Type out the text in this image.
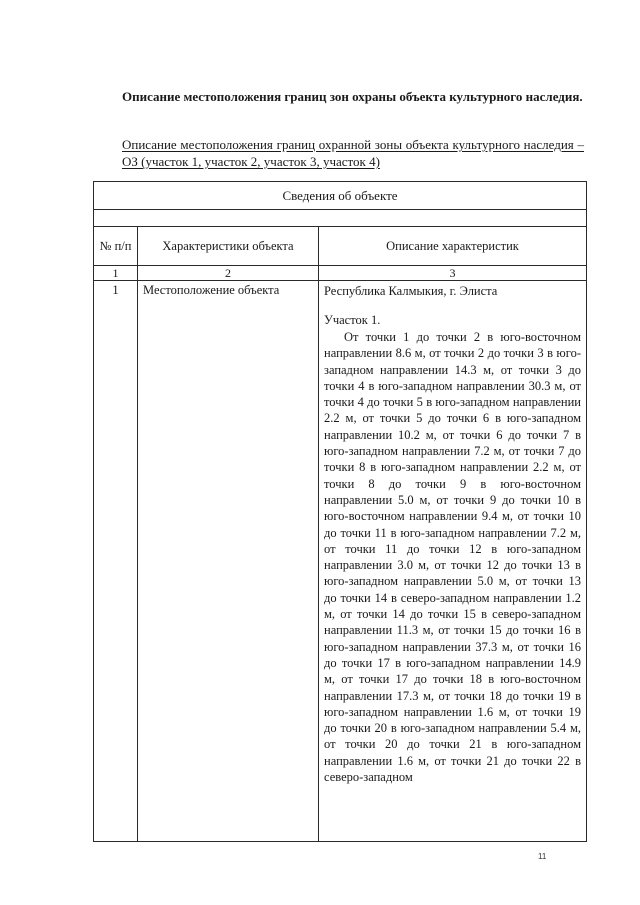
Описание местоположения границ зон охраны объекта культурного наследия.
Описание местоположения границ охранной зоны объекта культурного наследия – ОЗ (участок 1, участок 2, участок 3, участок 4)
Сведения об объекте		

№ п/п	Характеристики объекта	Описание характеристик
1	2	3
1	Местоположение объекта	Республика Калмыкия, г. Элиста
Участок 1.
От точки 1 до точки 2 в юго-восточном направлении 8.6 м, от точки 2 до точки 3 в юго-западном направлении 14.3 м, от точки 3 до точки 4 в юго-западном направлении 30.3 м, от точки 4 до точки 5 в юго-западном направлении 2.2 м, от точки 5 до точки 6 в юго-западном направлении 10.2 м, от точки 6 до точки 7 в юго-западном направлении 7.2 м, от точки 7 до точки 8 в юго-западном направлении 2.2 м, от точки 8 до точки 9 в юго-восточном направлении 5.0 м, от точки 9 до точки 10 в юго-восточном направлении 9.4 м, от точки 10 до точки 11 в юго-западном направлении 7.2 м, от точки 11 до точки 12 в юго-западном направлении 3.0 м, от точки 12 до точки 13 в юго-западном направлении 5.0 м, от точки 13 до точки 14 в северо-западном направлении 1.2 м, от точки 14 до точки 15 в северо-западном направлении 11.3 м, от точки 15 до точки 16 в юго-западном направлении 37.3 м, от точки 16 до точки 17 в юго-западном направлении 14.9 м, от точки 17 до точки 18 в юго-восточном направлении 17.3 м, от точки 18 до точки 19 в юго-западном направлении 1.6 м, от точки 19 до точки 20 в юго-западном направлении 5.4 м, от точки 20 до точки 21 в юго-западном направлении 1.6 м, от точки 21 до точки 22 в северо-западном
11
